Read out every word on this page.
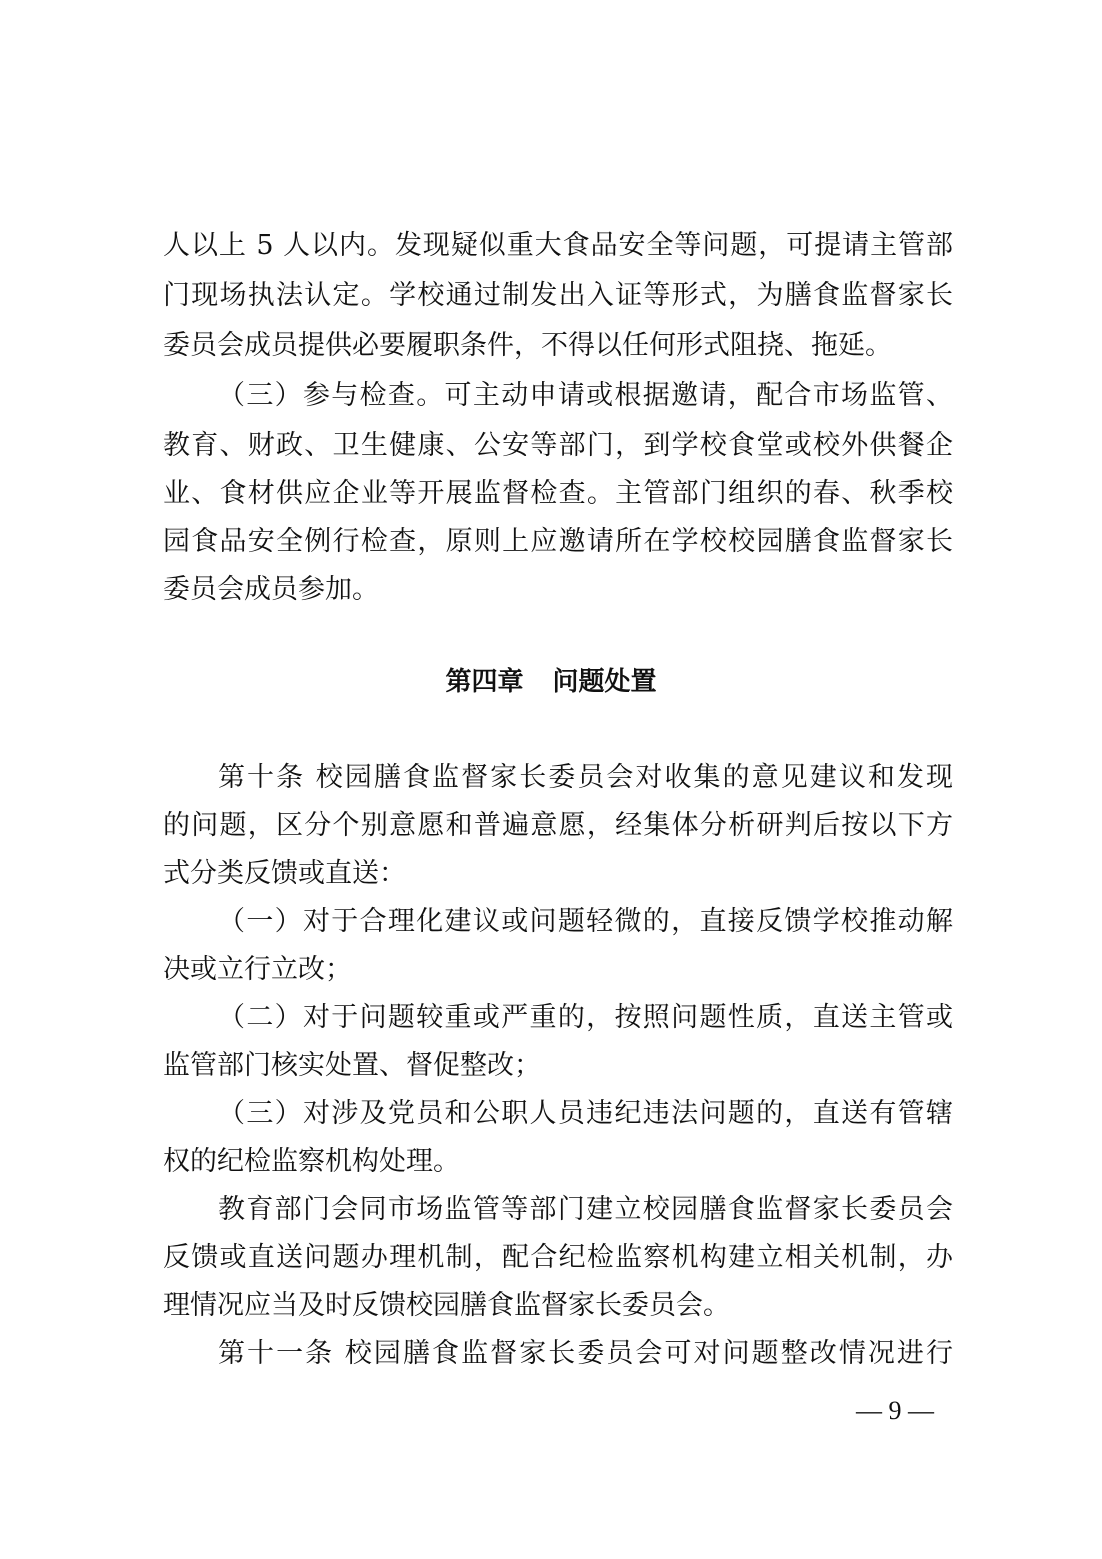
人以上 5 人以内。发现疑似重大食品安全等问题，可提请主管部
门现场执法认定。学校通过制发出入证等形式，为膳食监督家长
委员会成员提供必要履职条件，不得以任何形式阻挠、拖延。
（三）参与检查。可主动申请或根据邀请，配合市场监管、
教育、财政、卫生健康、公安等部门，到学校食堂或校外供餐企
业、食材供应企业等开展监督检查。主管部门组织的春、秋季校
园食品安全例行检查，原则上应邀请所在学校校园膳食监督家长
委员会成员参加。
第四章 问题处置
第十条 校园膳食监督家长委员会对收集的意见建议和发现
的问题，区分个别意愿和普遍意愿，经集体分析研判后按以下方
式分类反馈或直送：
（一）对于合理化建议或问题轻微的，直接反馈学校推动解
决或立行立改；
（二）对于问题较重或严重的，按照问题性质，直送主管或
监管部门核实处置、督促整改；
（三）对涉及党员和公职人员违纪违法问题的，直送有管辖
权的纪检监察机构处理。
教育部门会同市场监管等部门建立校园膳食监督家长委员会
反馈或直送问题办理机制，配合纪检监察机构建立相关机制，办
理情况应当及时反馈校园膳食监督家长委员会。
第十一条 校园膳食监督家长委员会可对问题整改情况进行
— 9 —
